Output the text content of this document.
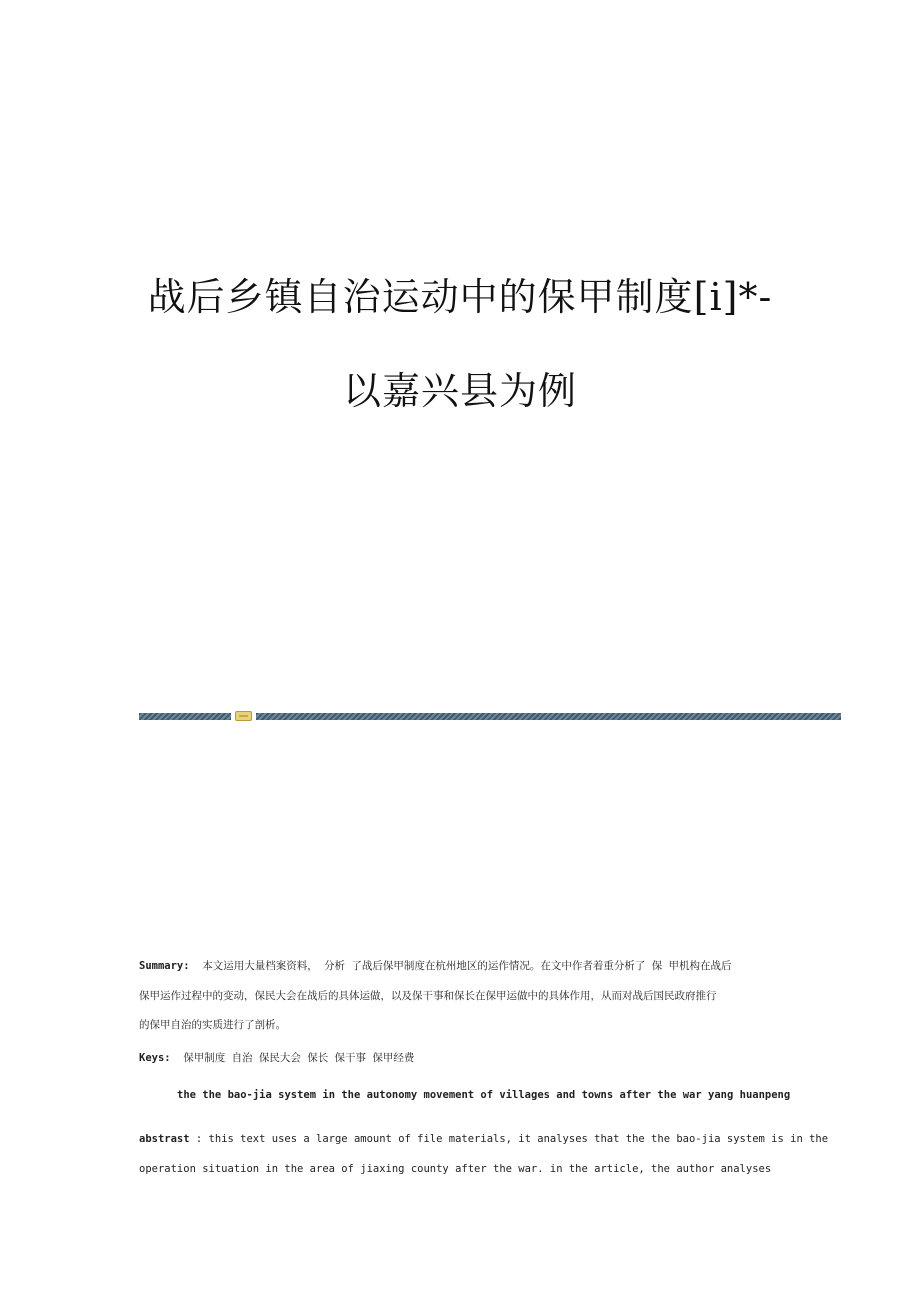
战后乡镇自治运动中的保甲制度[i]*-
以嘉兴县为例
Summary: 本文运用大量档案资料， 分析 了战后保甲制度在杭州地区的运作情况。在文中作者着重分析了 保 甲机构在战后
保甲运作过程中的变动，保民大会在战后的具体运做，以及保干事和保长在保甲运做中的具体作用，从而对战后国民政府推行
的保甲自治的实质进行了剖析。
Keys: 保甲制度 自治 保民大会 保长 保干事 保甲经费
the the bao-jia system in the autonomy movement of villages and towns after the war yang huanpeng
abstrast : this text uses a large amount of file materials, it analyses that the the bao-jia system is in the
operation situation in the area of jiaxing county after the war. in the article, the author analyses
